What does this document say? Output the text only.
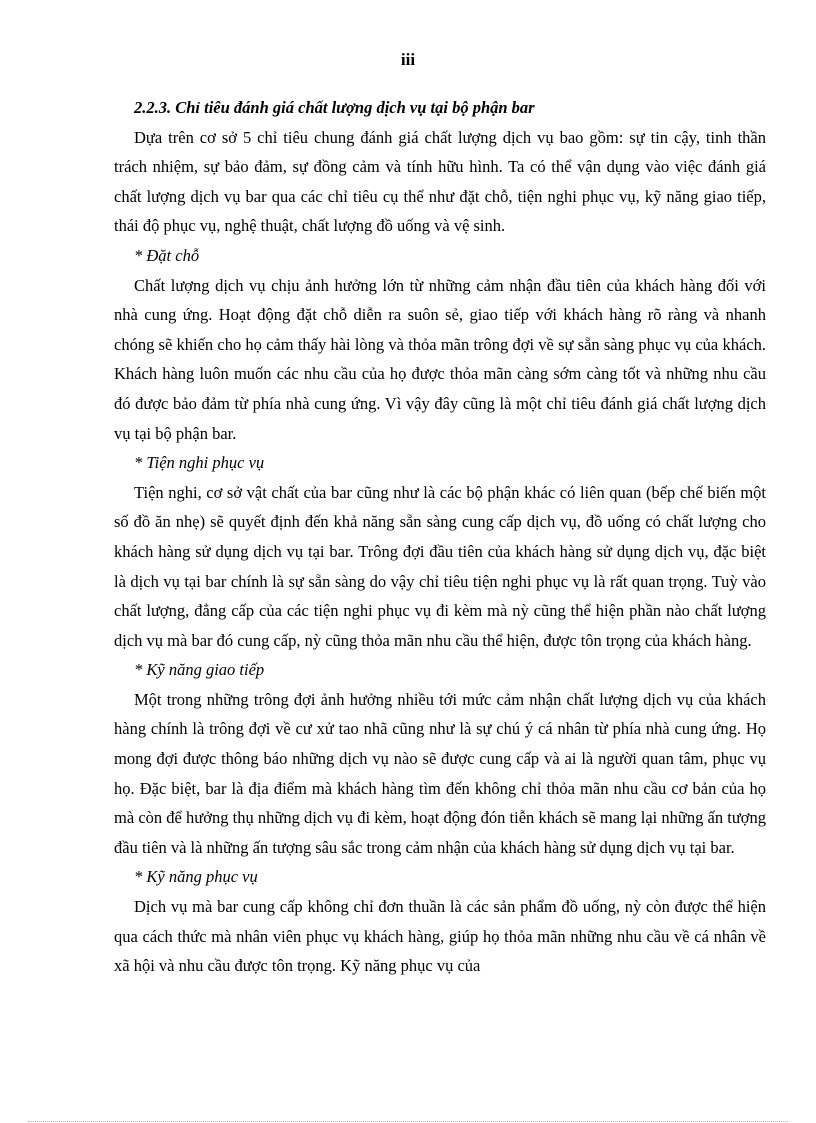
iii

2.2.3. Chỉ tiêu đánh giá chất lượng dịch vụ tại bộ phận bar

Dựa trên cơ sở 5 chỉ tiêu chung đánh giá chất lượng dịch vụ bao gồm: sự tin cậy, tinh thần trách nhiệm, sự bảo đảm, sự đồng cảm và tính hữu hình. Ta có thể vận dụng vào việc đánh giá chất lượng dịch vụ bar qua các chỉ tiêu cụ thể như đặt chỗ, tiện nghi phục vụ, kỹ năng giao tiếp, thái độ phục vụ, nghệ thuật, chất lượng đồ uống và vệ sinh.

* Đặt chỗ

Chất lượng dịch vụ chịu ảnh hưởng lớn từ những cảm nhận đầu tiên của khách hàng đối với nhà cung ứng. Hoạt động đặt chỗ diễn ra suôn sẻ, giao tiếp với khách hàng rõ ràng và nhanh chóng sẽ khiến cho họ cảm thấy hài lòng và thỏa mãn trông đợi về sự sẵn sàng phục vụ của khách. Khách hàng luôn muốn các nhu cầu của họ được thỏa mãn càng sớm càng tốt và những nhu cầu đó được bảo đảm từ phía nhà cung ứng. Vì vậy đây cũng là một chỉ tiêu đánh giá chất lượng dịch vụ tại bộ phận bar.

* Tiện nghi phục vụ

Tiện nghi, cơ sở vật chất của bar cũng như là các bộ phận khác có liên quan (bếp chế biến một số đồ ăn nhẹ) sẽ quyết định đến khả năng sẵn sàng cung cấp dịch vụ, đồ uống có chất lượng cho khách hàng sử dụng dịch vụ tại bar. Trông đợi đầu tiên của khách hàng sử dụng dịch vụ, đặc biệt là dịch vụ tại bar chính là sự sẵn sàng do vậy chỉ tiêu tiện nghi phục vụ là rất quan trọng. Tuỳ vào chất lượng, đẳng cấp của các tiện nghi phục vụ đi kèm mà nỳ cũng thể hiện phần nào chất lượng dịch vụ mà bar đó cung cấp, nỳ cũng thỏa mãn nhu cầu thể hiện, được tôn trọng của khách hàng.

* Kỹ năng giao tiếp

Một trong những trông đợi ảnh hưởng nhiều tới mức cảm nhận chất lượng dịch vụ của khách hàng chính là trông đợi về cư xử tao nhã cũng như là sự chú ý cá nhân từ phía nhà cung ứng. Họ mong đợi được thông báo những dịch vụ nào sẽ được cung cấp và ai là người quan tâm, phục vụ họ. Đặc biệt, bar là địa điểm mà khách hàng tìm đến không chỉ thỏa mãn nhu cầu cơ bản của họ mà còn để hưởng thụ những dịch vụ đi kèm, hoạt động đón tiễn khách sẽ mang lại những ấn tượng đầu tiên và là những ấn tượng sâu sắc trong cảm nhận của khách hàng sử dụng dịch vụ tại bar.

* Kỹ năng phục vụ

Dịch vụ mà bar cung cấp không chỉ đơn thuần là các sản phẩm đồ uống, nỳ còn được thể hiện qua cách thức mà nhân viên phục vụ khách hàng, giúp họ thỏa mãn những nhu cầu về cá nhân về xã hội và nhu cầu được tôn trọng. Kỹ năng phục vụ của
